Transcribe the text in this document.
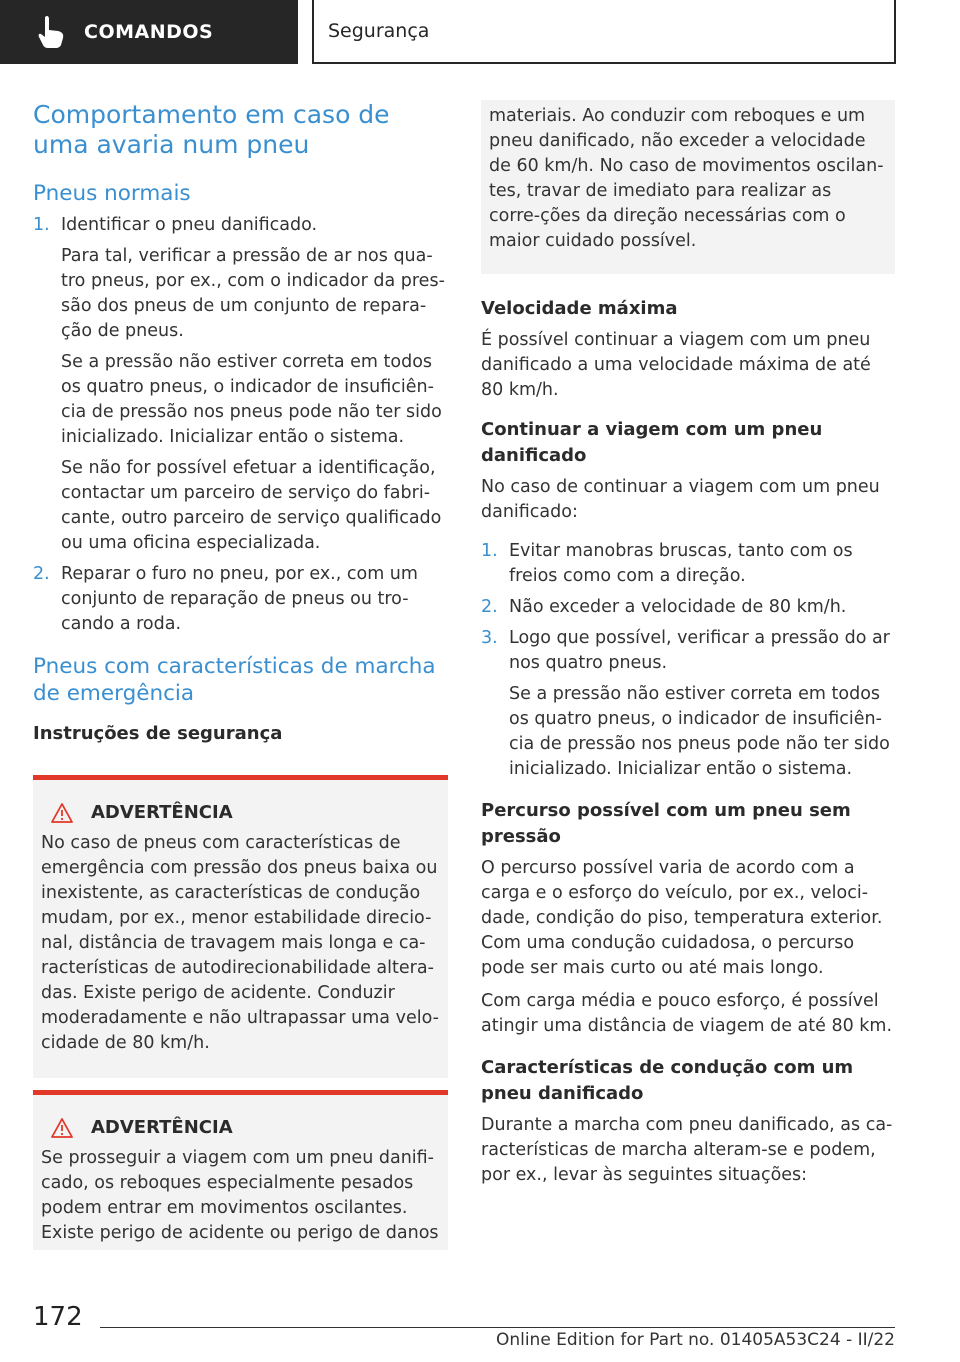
COMANDOS	Segurança
Comportamento em caso de uma avaria num pneu
Pneus normais
1. Identificar o pneu danificado.

Para tal, verificar a pressão de ar nos qua-tro pneus, por ex., com o indicador da pres-são dos pneus de um conjunto de repara-ção de pneus.

Se a pressão não estiver correta em todos os quatro pneus, o indicador de insuficiên-cia de pressão nos pneus pode não ter sido inicializado. Inicializar então o sistema.

Se não for possível efetuar a identificação, contactar um parceiro de serviço do fabri-cante, outro parceiro de serviço qualificado ou uma oficina especializada.

2. Reparar o furo no pneu, por ex., com um conjunto de reparação de pneus ou tro-cando a roda.

Pneus com características de marcha de emergência
Instruções de segurança
ADVERTÊNCIA

No caso de pneus com características de emergência com pressão dos pneus baixa ou inexistente, as características de condução mudam, por ex., menor estabilidade direcio-nal, distância de travagem mais longa e ca-racterísticas de autodirecionabilidade altera-das. Existe perigo de acidente. Conduzir moderadamente e não ultrapassar uma velo-cidade de 80 km/h.

ADVERTÊNCIA

Se prosseguir a viagem com um pneu danifi-cado, os reboques especialmente pesados podem entrar em movimentos oscilantes. Existe perigo de acidente ou perigo de danos

materiais. Ao conduzir com reboques e um pneu danificado, não exceder a velocidade de 60 km/h. No caso de movimentos oscilan-tes, travar de imediato para realizar as corre-ções da direção necessárias com o maior cuidado possível.

Velocidade máxima

É possível continuar a viagem com um pneu danificado a uma velocidade máxima de até 80 km/h.

Continuar a viagem com um pneu danificado

No caso de continuar a viagem com um pneu danificado:

1. Evitar manobras bruscas, tanto com os freios como com a direção.

2. Não exceder a velocidade de 80 km/h.

3. Logo que possível, verificar a pressão do ar nos quatro pneus.

Se a pressão não estiver correta em todos os quatro pneus, o indicador de insuficiên-cia de pressão nos pneus pode não ter sido inicializado. Inicializar então o sistema.

Percurso possível com um pneu sem pressão

O percurso possível varia de acordo com a carga e o esforço do veículo, por ex., veloci-dade, condição do piso, temperatura exterior. Com uma condução cuidadosa, o percurso pode ser mais curto ou até mais longo.

Com carga média e pouco esforço, é possível atingir uma distância de viagem de até 80 km.

Características de condução com um pneu danificado

Durante a marcha com pneu danificado, as ca-racterísticas de marcha alteram-se e podem, por ex., levar às seguintes situações:

172
Online Edition for Part no. 01405A53C24 - II/22
